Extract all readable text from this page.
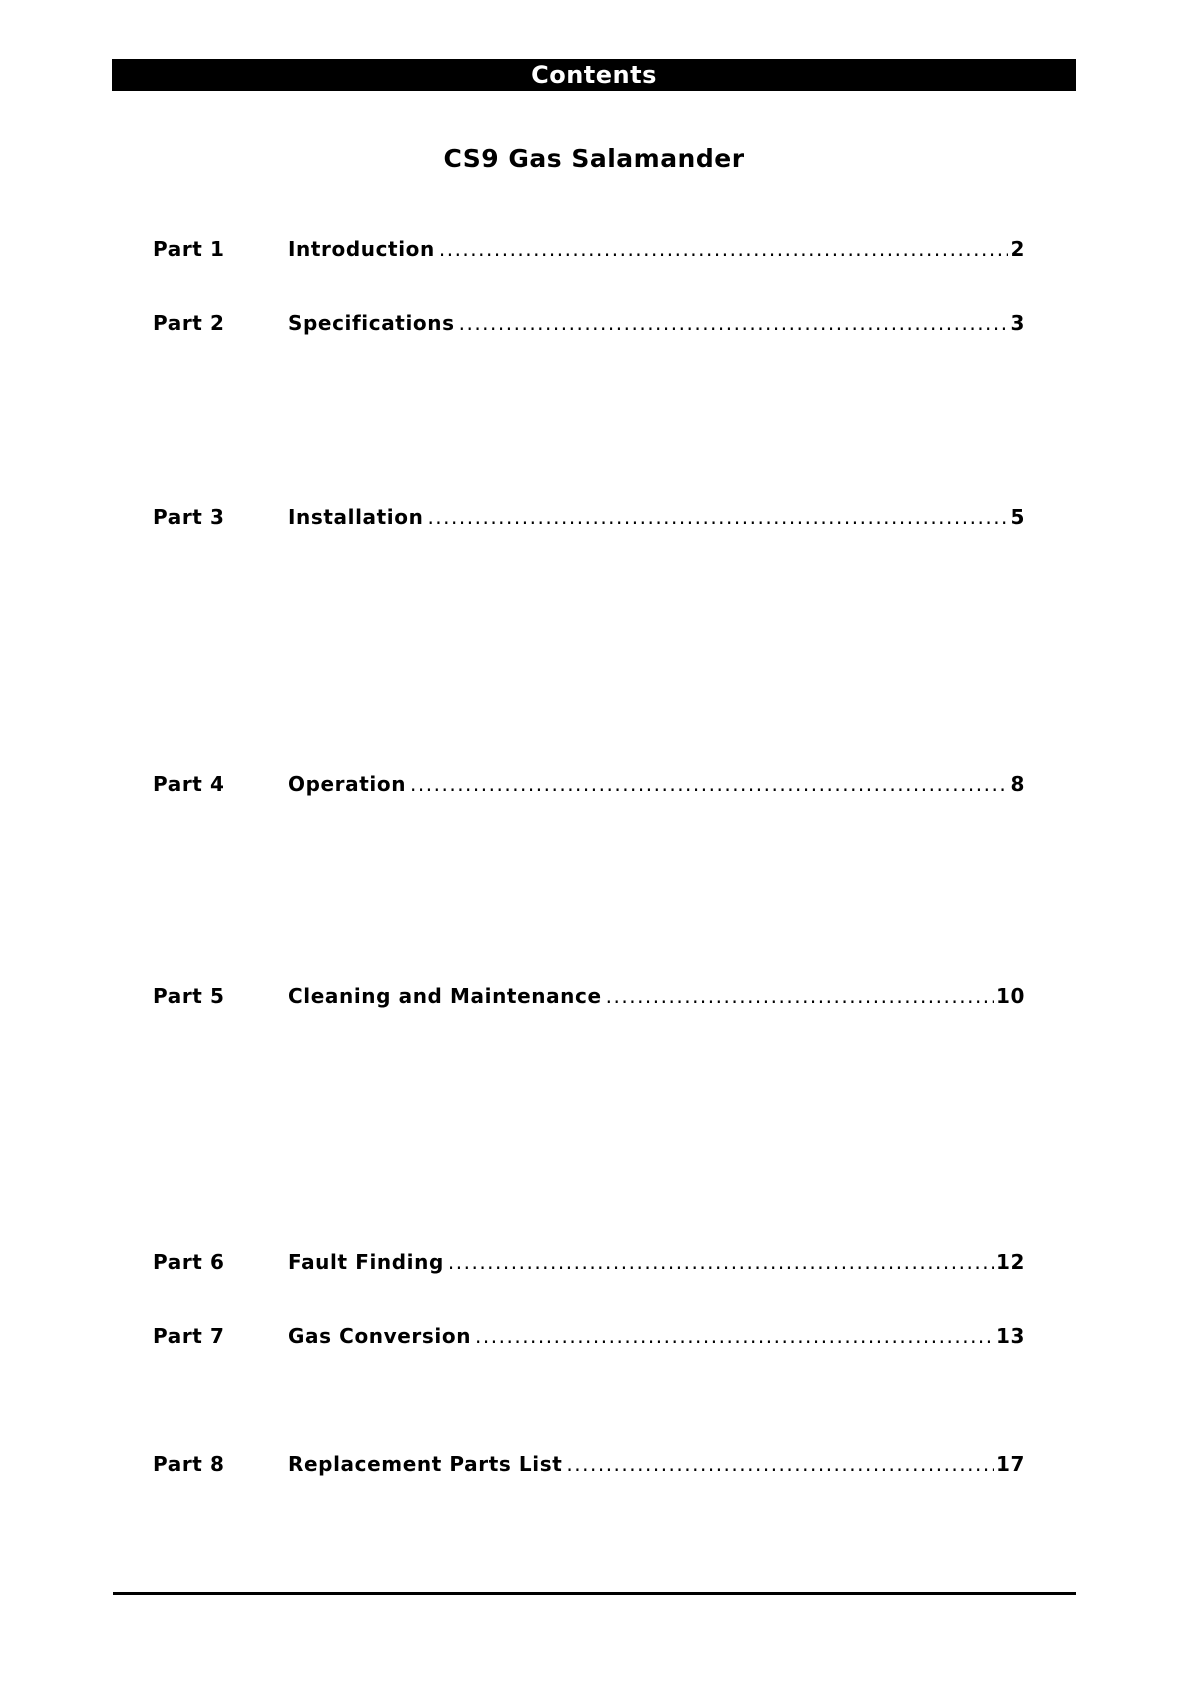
Contents
CS9 Gas Salamander
Part 1	Introduction .....	2
Part 2	Specifications .....	3
Part 3	Installation .....	5
Part 4	Operation .....	8
Part 5	Cleaning and Maintenance .....	10
Part 6	Fault Finding .....	12
Part 7	Gas Conversion .....	13
Part 8	Replacement Parts List .....	17
